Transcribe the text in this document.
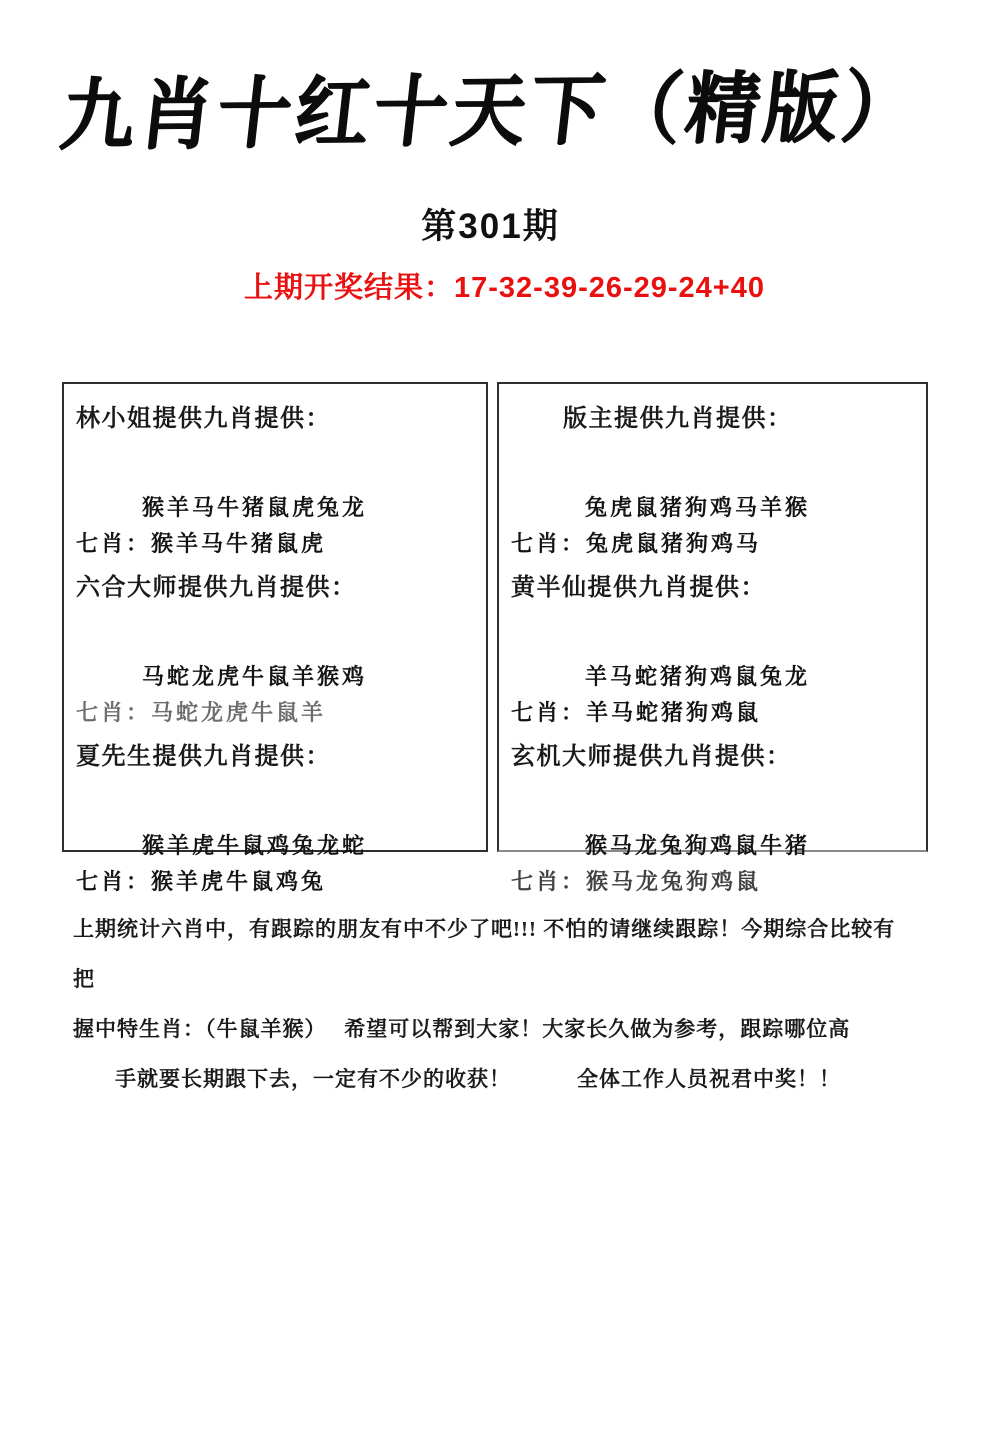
九肖十红十天下（精版）
第301期
上期开奖结果：17-32-39-26-29-24+40
林小姐提供九肖提供：
猴羊马牛猪鼠虎兔龙
七肖：猴羊马牛猪鼠虎
六合大师提供九肖提供：
马蛇龙虎牛鼠羊猴鸡
七肖：马蛇龙虎牛鼠羊
夏先生提供九肖提供：
猴羊虎牛鼠鸡兔龙蛇
七肖：猴羊虎牛鼠鸡兔
版主提供九肖提供：
兔虎鼠猪狗鸡马羊猴
七肖：兔虎鼠猪狗鸡马
黄半仙提供九肖提供：
羊马蛇猪狗鸡鼠兔龙
七肖：羊马蛇猪狗鸡鼠
玄机大师提供九肖提供：
猴马龙兔狗鸡鼠牛猪
七肖：猴马龙兔狗鸡鼠
上期统计六肖中，有跟踪的朋友有中不少了吧!!! 不怕的请继续跟踪！今期综合比较有把
握中特生肖：（牛鼠羊猴）　 希望可以帮到大家！大家长久做为参考，跟踪哪位高
手就要长期跟下去，一定有不少的收获！　　　全体工作人员祝君中奖！！
